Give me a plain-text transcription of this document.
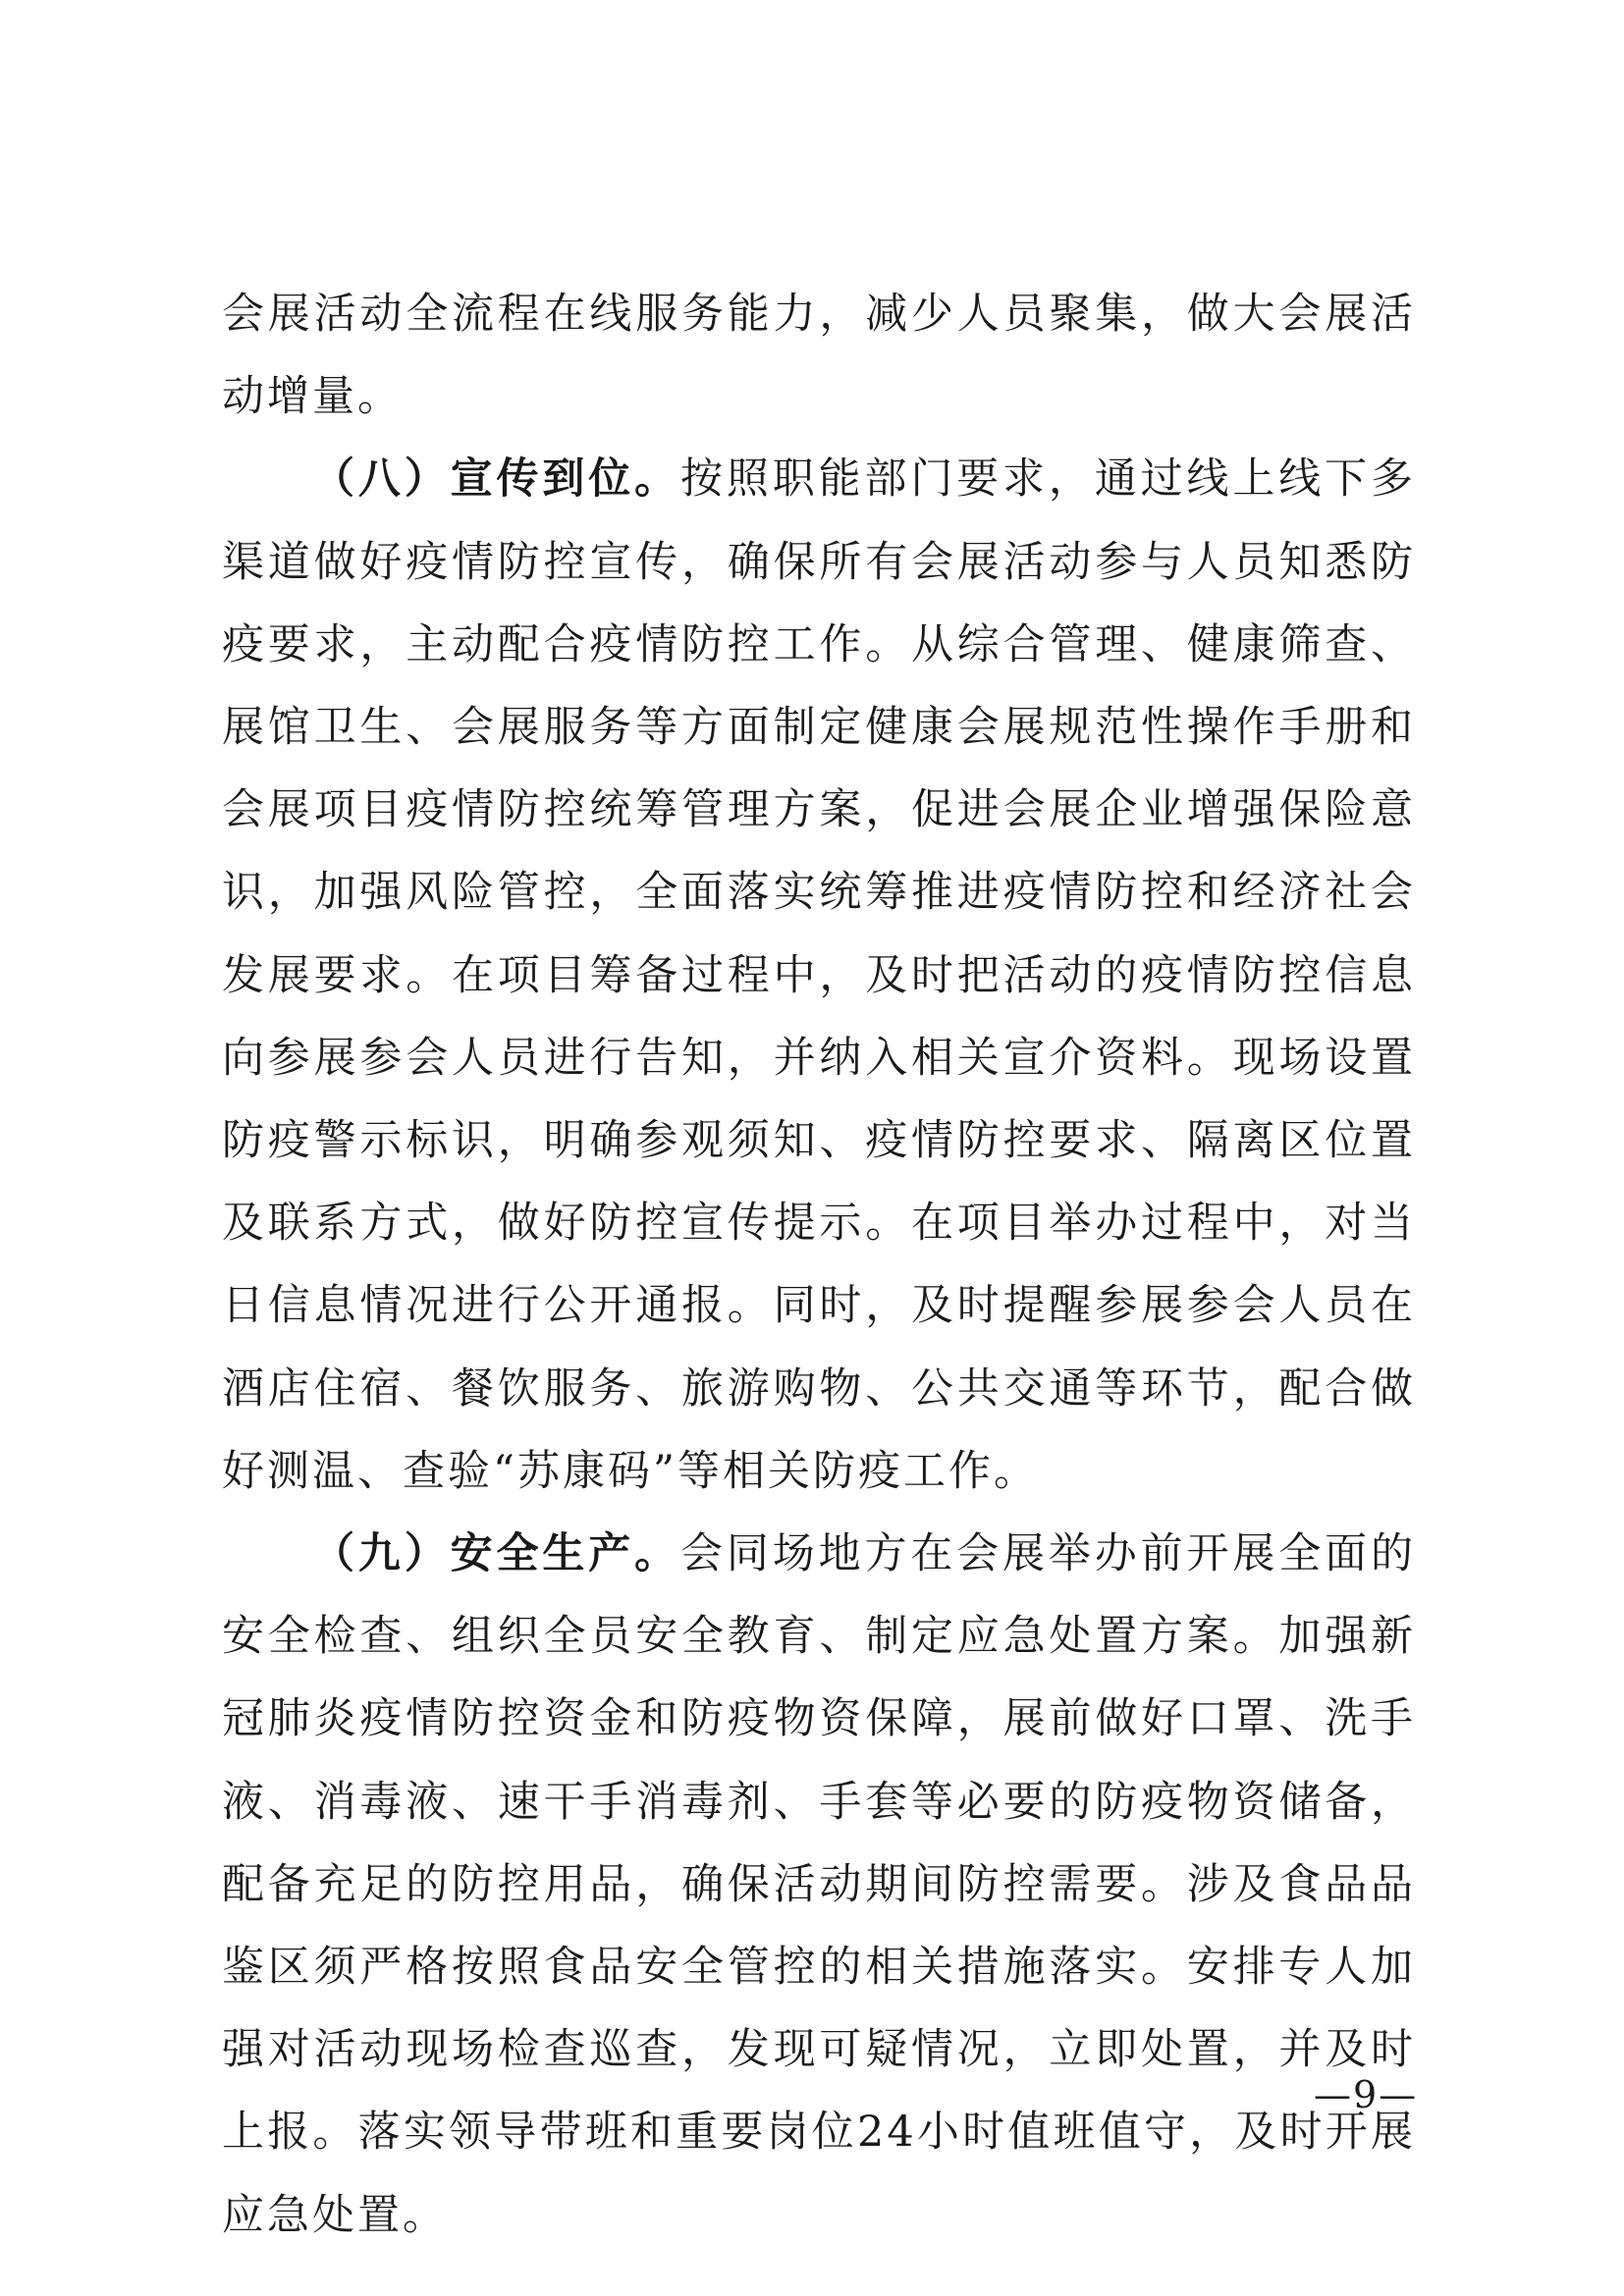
会展活动全流程在线服务能力，减少人员聚集，做大会展活动增量。

（八）宣传到位。按照职能部门要求，通过线上线下多渠道做好疫情防控宣传，确保所有会展活动参与人员知悉防疫要求，主动配合疫情防控工作。从综合管理、健康筛查、展馆卫生、会展服务等方面制定健康会展规范性操作手册和会展项目疫情防控统筹管理方案，促进会展企业增强保险意识，加强风险管控，全面落实统筹推进疫情防控和经济社会发展要求。在项目筹备过程中，及时把活动的疫情防控信息向参展参会人员进行告知，并纳入相关宣介资料。现场设置防疫警示标识，明确参观须知、疫情防控要求、隔离区位置及联系方式，做好防控宣传提示。在项目举办过程中，对当日信息情况进行公开通报。同时，及时提醒参展参会人员在酒店住宿、餐饮服务、旅游购物、公共交通等环节，配合做好测温、查验“苏康码”等相关防疫工作。

（九）安全生产。会同场地方在会展举办前开展全面的安全检查、组织全员安全教育、制定应急处置方案。加强新冠肺炎疫情防控资金和防疫物资保障，展前做好口罩、洗手液、消毒液、速干手消毒剂、手套等必要的防疫物资储备，配备充足的防控用品，确保活动期间防控需要。涉及食品品鉴区须严格按照食品安全管控的相关措施落实。安排专人加强对活动现场检查巡查，发现可疑情况，立即处置，并及时上报。落实领导带班和重要岗位24小时值班值守，及时开展应急处置。

—9—
